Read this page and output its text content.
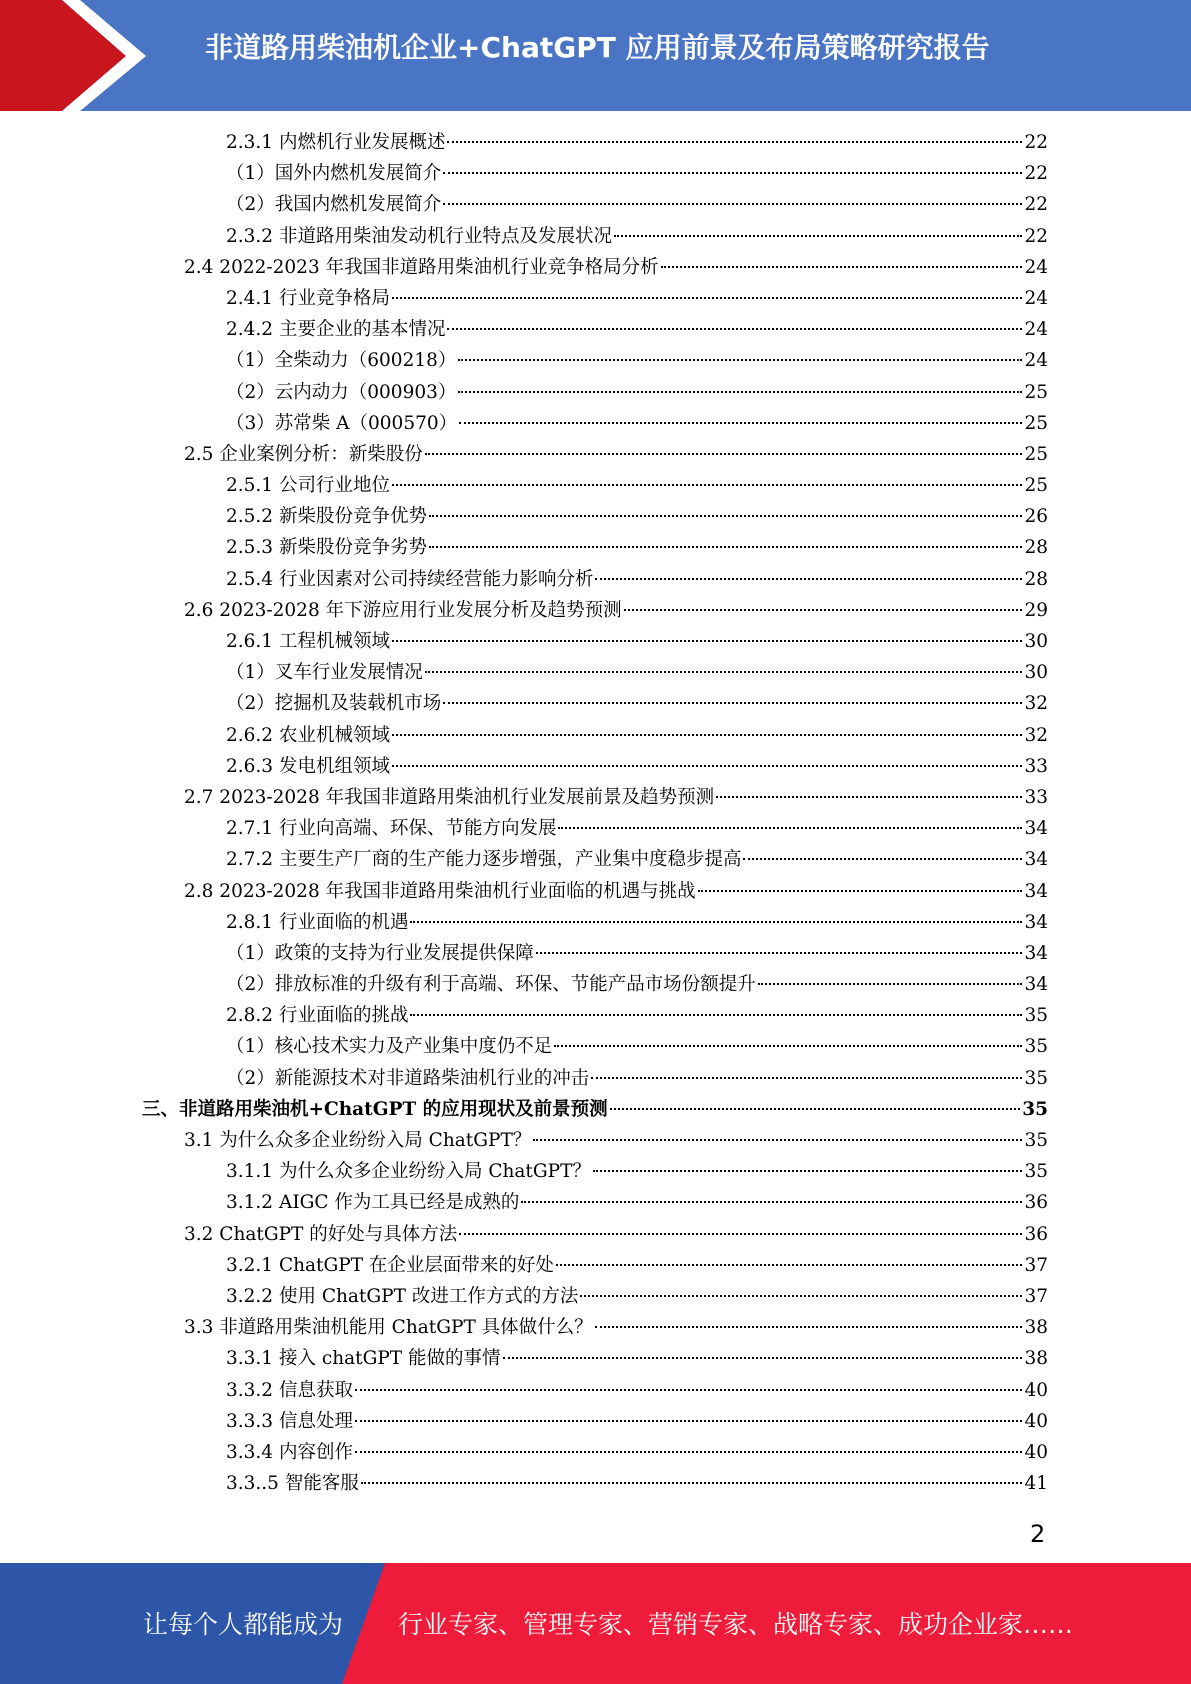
非道路用柴油机企业+ChatGPT 应用前景及布局策略研究报告
2.3.1 内燃机行业发展概述	22
（1）国外内燃机发展简介	22
（2）我国内燃机发展简介	22
2.3.2 非道路用柴油发动机行业特点及发展状况	22
2.4 2022-2023 年我国非道路用柴油机行业竞争格局分析	24
2.4.1 行业竞争格局	24
2.4.2 主要企业的基本情况	24
（1）全柴动力（600218）	24
（2）云内动力（000903）	25
（3）苏常柴 A（000570）	25
2.5 企业案例分析：新柴股份	25
2.5.1 公司行业地位	25
2.5.2 新柴股份竞争优势	26
2.5.3 新柴股份竞争劣势	28
2.5.4 行业因素对公司持续经营能力影响分析	28
2.6 2023-2028 年下游应用行业发展分析及趋势预测	29
2.6.1 工程机械领域	30
（1）叉车行业发展情况	30
（2）挖掘机及装载机市场	32
2.6.2 农业机械领域	32
2.6.3 发电机组领域	33
2.7 2023-2028 年我国非道路用柴油机行业发展前景及趋势预测	33
2.7.1 行业向高端、环保、节能方向发展	34
2.7.2 主要生产厂商的生产能力逐步增强，产业集中度稳步提高	34
2.8 2023-2028 年我国非道路用柴油机行业面临的机遇与挑战	34
2.8.1 行业面临的机遇	34
（1）政策的支持为行业发展提供保障	34
（2）排放标准的升级有利于高端、环保、节能产品市场份额提升	34
2.8.2 行业面临的挑战	35
（1）核心技术实力及产业集中度仍不足	35
（2）新能源技术对非道路柴油机行业的冲击	35
三、非道路用柴油机+ChatGPT 的应用现状及前景预测	35
3.1 为什么众多企业纷纷入局 ChatGPT？	35
3.1.1 为什么众多企业纷纷入局 ChatGPT？	35
3.1.2 AIGC 作为工具已经是成熟的	36
3.2 ChatGPT 的好处与具体方法	36
3.2.1 ChatGPT 在企业层面带来的好处	37
3.2.2 使用 ChatGPT 改进工作方式的方法	37
3.3 非道路用柴油机能用 ChatGPT 具体做什么？	38
3.3.1 接入 chatGPT 能做的事情	38
3.3.2 信息获取	40
3.3.3 信息处理	40
3.3.4 内容创作	40
3.3..5 智能客服	41
2
让每个人都能成为 行业专家、管理专家、营销专家、战略专家、成功企业家……
